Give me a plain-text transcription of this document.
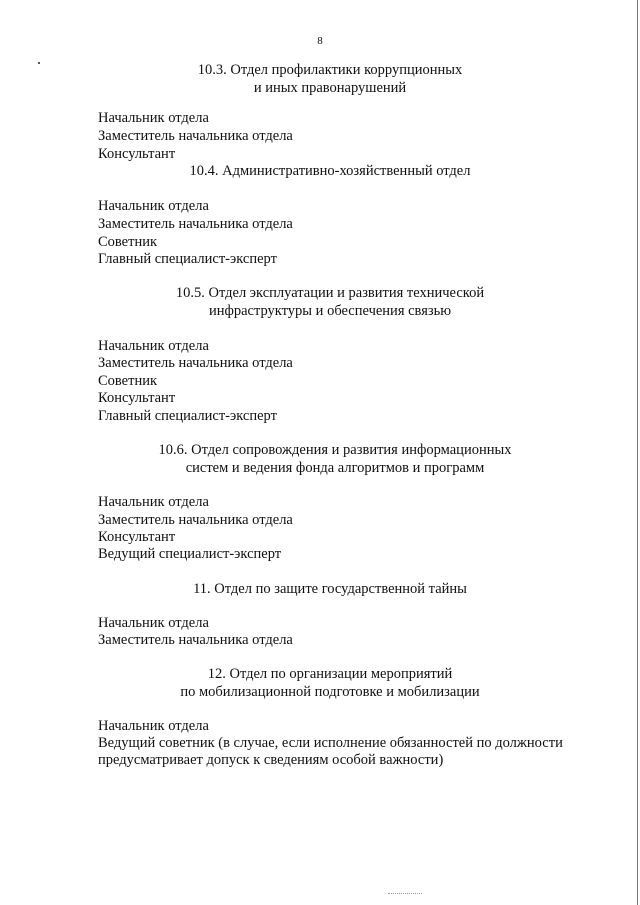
8
10.3. Отдел профилактики коррупционных
и иных правонарушений
Начальник отдела
Заместитель начальника отдела
Консультант
10.4. Административно-хозяйственный отдел
Начальник отдела
Заместитель начальника отдела
Советник
Главный специалист-эксперт
10.5. Отдел эксплуатации и развития технической
инфраструктуры и обеспечения связью
Начальник отдела
Заместитель начальника отдела
Советник
Консультант
Главный специалист-эксперт
10.6. Отдел сопровождения и развития информационных
систем и ведения фонда алгоритмов и программ
Начальник отдела
Заместитель начальника отдела
Консультант
Ведущий специалист-эксперт
11. Отдел по защите государственной тайны
Начальник отдела
Заместитель начальника отдела
12. Отдел по организации мероприятий
по мобилизационной подготовке и мобилизации
Начальник отдела
Ведущий советник (в случае, если исполнение обязанностей по должности предусматривает допуск к сведениям особой важности)
